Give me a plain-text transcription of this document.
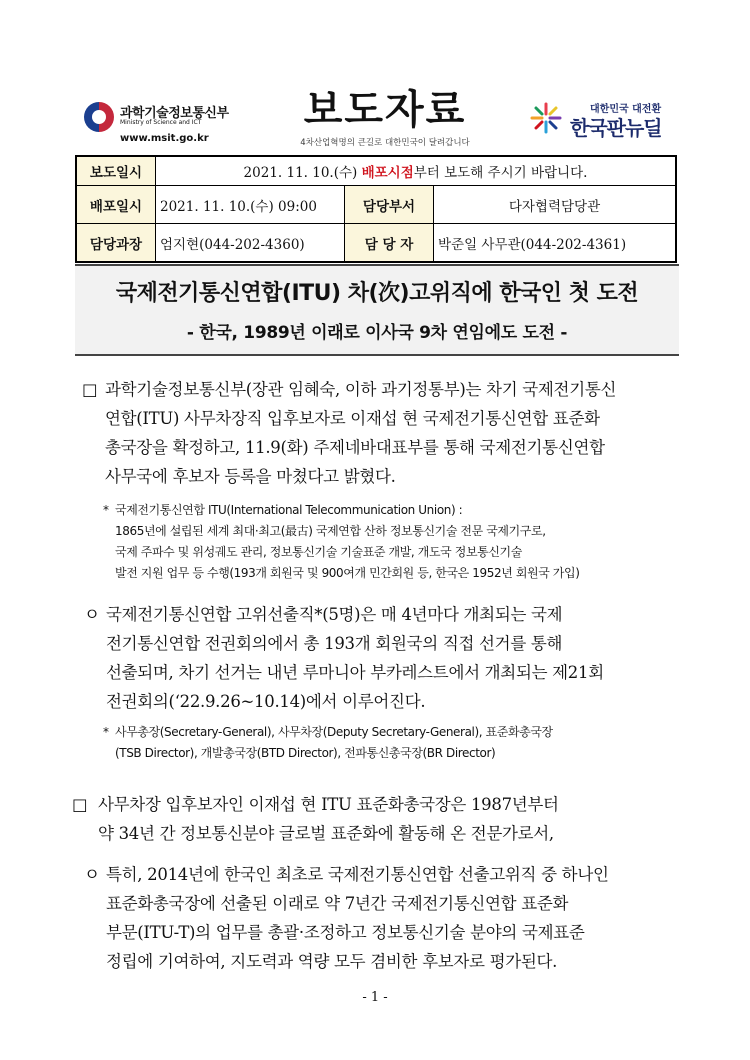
과학기술정보통신부
Ministry of Science and ICT
www.msit.go.kr
보도자료
4차산업혁명의 큰길로 대한민국이 달려갑니다
대한민국 대전환
한국판뉴딜
보도일시	2021. 11. 10.(수) 배포시점부터 보도해 주시기 바랍니다.		
배포일시	2021. 11. 10.(수) 09:00	담당부서	다자협력담당관
담당과장	엄지현(044-202-4360)	담 당 자	박준일 사무관(044-202-4361)
국제전기통신연합(ITU) 차(次)고위직에 한국인 첫 도전
- 한국, 1989년 이래로 이사국 9차 연임에도 도전 -
□ 과학기술정보통신부(장관 임혜숙, 이하 과기정통부)는 차기 국제전기통신
연합(ITU) 사무차장직 입후보자로 이재섭 현 국제전기통신연합 표준화
총국장을 확정하고, 11.9(화) 주제네바대표부를 통해 국제전기통신연합
사무국에 후보자 등록을 마쳤다고 밝혔다.
* 국제전기통신연합 ITU(International Telecommunication Union) :
1865년에 설립된 세계 최대·최고(最古) 국제연합 산하 정보통신기술 전문 국제기구로,
국제 주파수 및 위성궤도 관리, 정보통신기술 기술표준 개발, 개도국 정보통신기술
발전 지원 업무 등 수행(193개 회원국 및 900여개 민간회원 등, 한국은 1952년 회원국 가입)
ㅇ 국제전기통신연합 고위선출직*(5명)은 매 4년마다 개최되는 국제
전기통신연합 전권회의에서 총 193개 회원국의 직접 선거를 통해
선출되며, 차기 선거는 내년 루마니아 부카레스트에서 개최되는 제21회
전권회의(‘22.9.26~10.14)에서 이루어진다.
* 사무총장(Secretary-General), 사무차장(Deputy Secretary-General), 표준화총국장
(TSB Director), 개발총국장(BTD Director), 전파통신총국장(BR Director)
□ 사무차장 입후보자인 이재섭 현 ITU 표준화총국장은 1987년부터
약 34년 간 정보통신분야 글로벌 표준화에 활동해 온 전문가로서,
ㅇ 특히, 2014년에 한국인 최초로 국제전기통신연합 선출고위직 중 하나인
표준화총국장에 선출된 이래로 약 7년간 국제전기통신연합 표준화
부문(ITU-T)의 업무를 총괄·조정하고 정보통신기술 분야의 국제표준
정립에 기여하여, 지도력과 역량 모두 겸비한 후보자로 평가된다.
- 1 -
